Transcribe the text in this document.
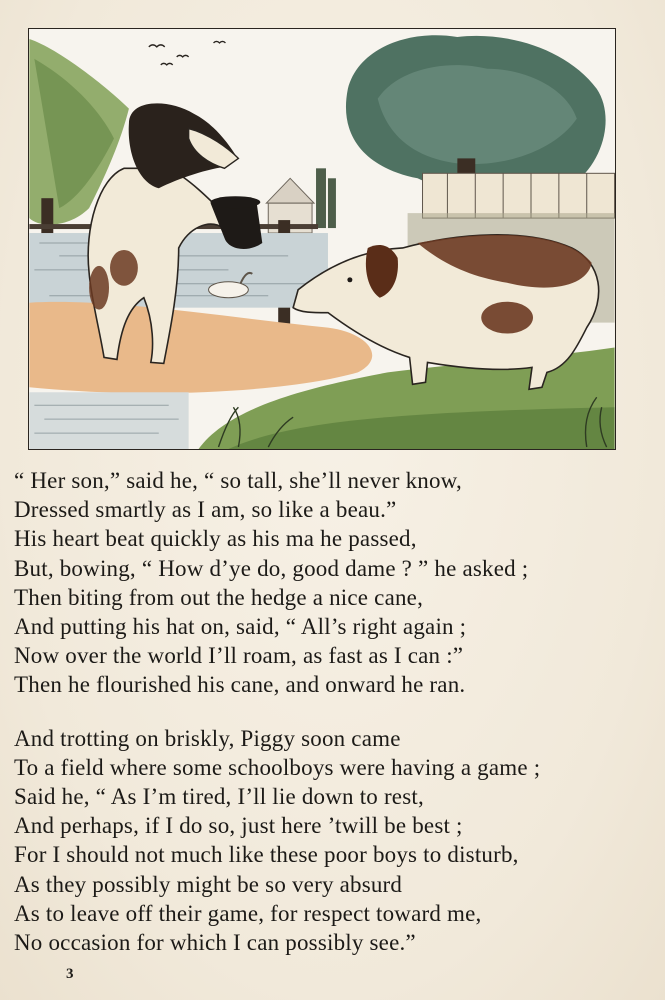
“ Her son,” said he, “ so tall, she’ll never know,
Dressed smartly as I am, so like a beau.”
His heart beat quickly as his ma he passed,
But, bowing, “ How d’ye do, good dame ? ” he asked ;
Then biting from out the hedge a nice cane,
And putting his hat on, said, “ All’s right again ;
Now over the world I’ll roam, as fast as I can :”
Then he flourished his cane, and onward he ran.

And trotting on briskly, Piggy soon came
To a field where some schoolboys were having a game ;
Said he, “ As I’m tired, I’ll lie down to rest,
And perhaps, if I do so, just here ’twill be best ;
For I should not much like these poor boys to disturb,
As they possibly might be so very absurd
As to leave off their game, for respect toward me,
No occasion for which I can possibly see.”

3
